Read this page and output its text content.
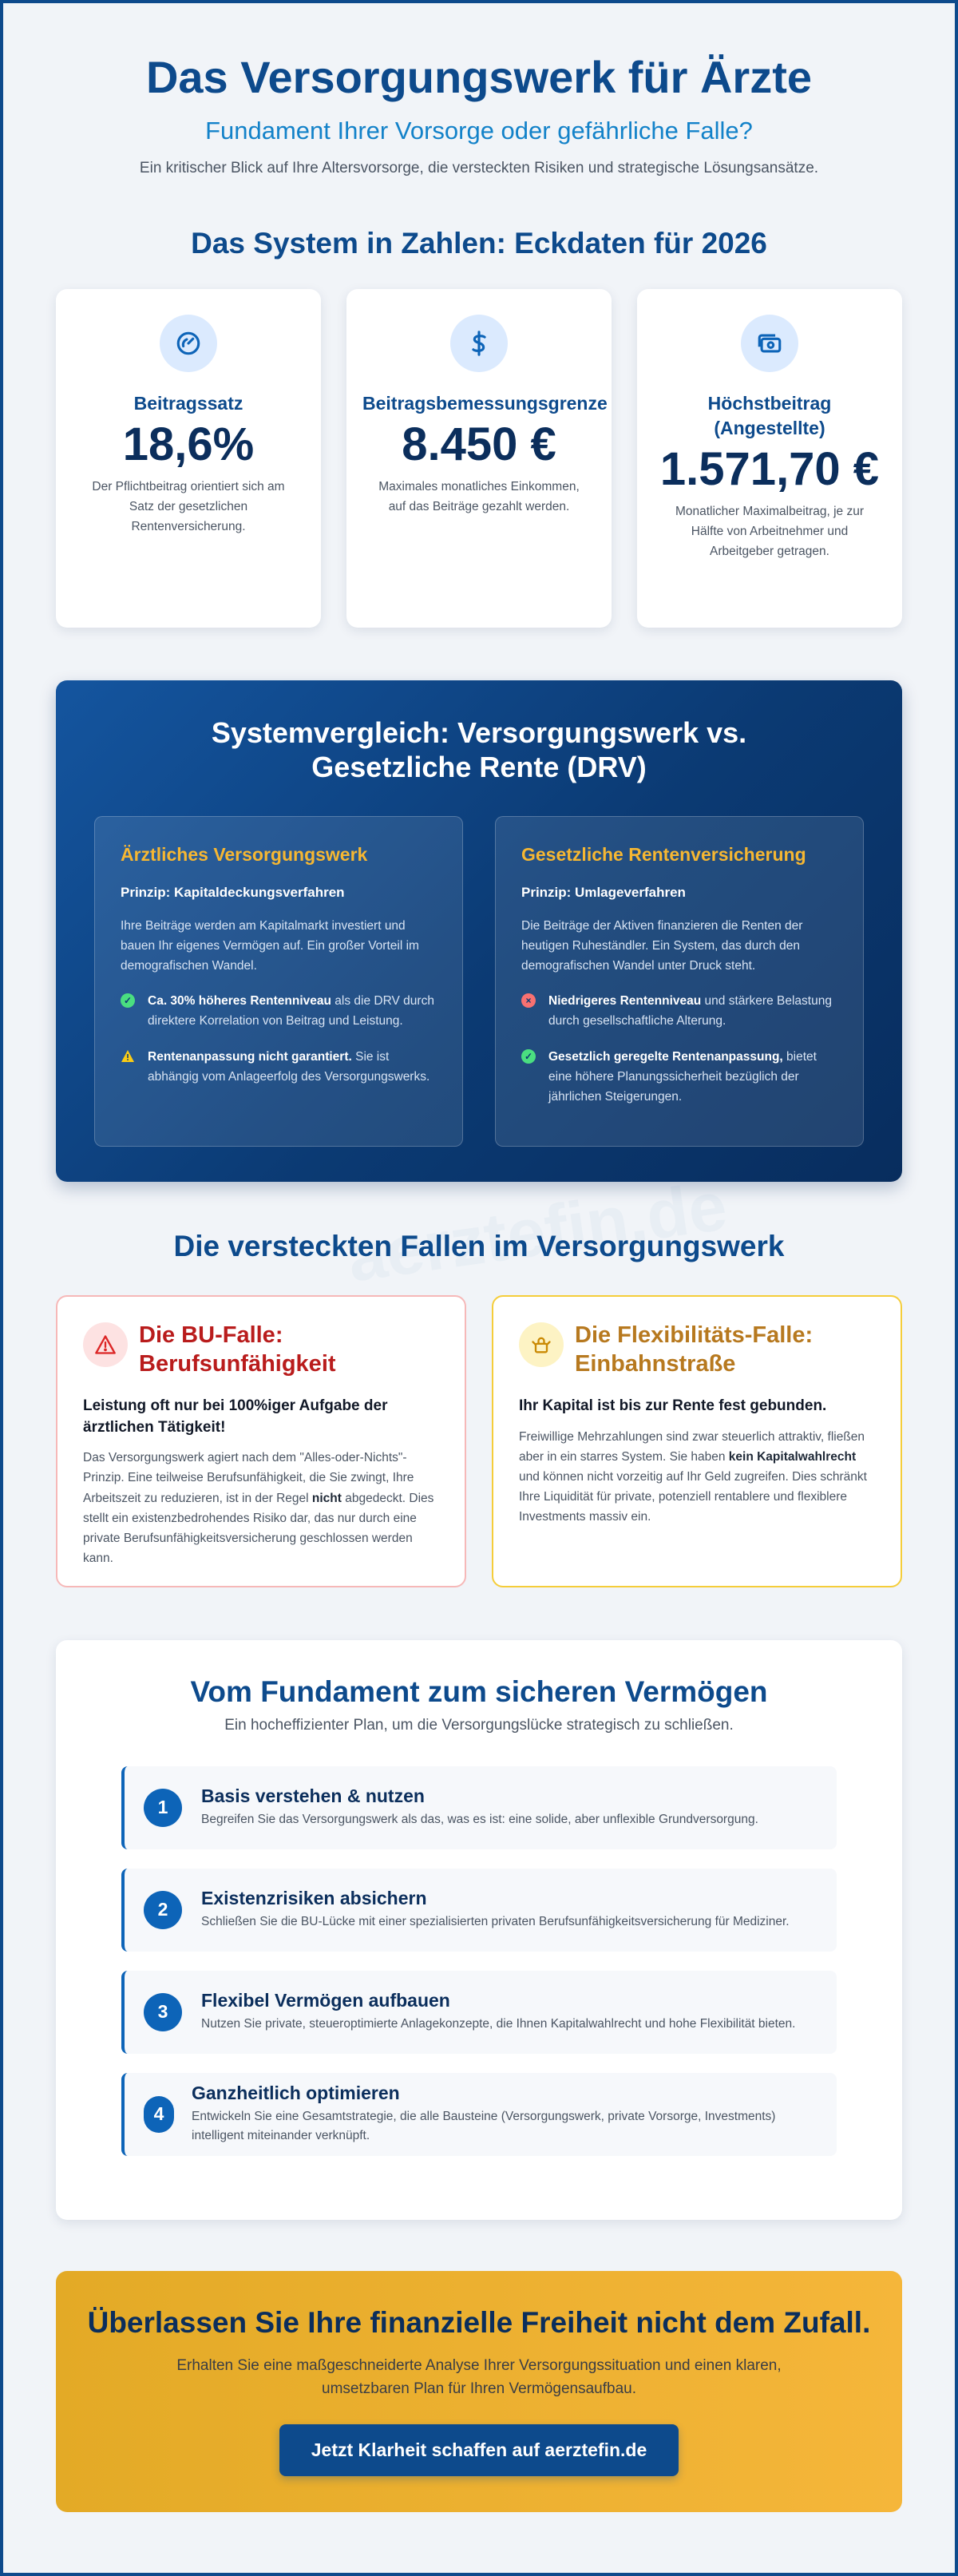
Das Versorgungswerk für Ärzte
Fundament Ihrer Vorsorge oder gefährliche Falle?

Ein kritischer Blick auf Ihre Altersvorsorge, die versteckten Risiken und strategische Lösungsansätze.

Das System in Zahlen: Eckdaten für 2026
Beitragssatz
18,6%
Der Pflichtbeitrag orientiert sich am Satz der gesetzlichen Rentenversicherung.
Beitragsbemessungsgrenze
8.450 €
Maximales monatliches Einkommen, auf das Beiträge gezahlt werden.
Höchstbeitrag (Angestellte)
1.571,70 €
Monatlicher Maximalbeitrag, je zur Hälfte von Arbeitnehmer und Arbeitgeber getragen.
Systemvergleich: Versorgungswerk vs. Gesetzliche Rente (DRV)
Ärztliches Versorgungswerk
Prinzip: Kapitaldeckungsverfahren
Ihre Beiträge werden am Kapitalmarkt investiert und bauen Ihr eigenes Vermögen auf. Ein großer Vorteil im demografischen Wandel.
✓ Ca. 30% höheres Rentenniveau als die DRV durch direktere Korrelation von Beitrag und Leistung.
Rentenanpassung nicht garantiert. Sie ist abhängig vom Anlageerfolg des Versorgungswerks.
Gesetzliche Rentenversicherung
Prinzip: Umlageverfahren
Die Beiträge der Aktiven finanzieren die Renten der heutigen Ruheständler. Ein System, das durch den demografischen Wandel unter Druck steht.
×	Niedrigeres Rentenniveau und stärkere Belastung durch gesellschaftliche Alterung.
✓ Gesetzlich geregelte Rentenanpassung, bietet eine höhere Planungssicherheit bezüglich der jährlichen Steigerungen.
Die versteckten Fallen im Versorgungswerk
Die BU-Falle: Berufsunfähigkeit
Leistung oft nur bei 100%iger Aufgabe der ärztlichen Tätigkeit!
Das Versorgungswerk agiert nach dem "Alles-oder-Nichts"-Prinzip. Eine teilweise Berufsunfähigkeit, die Sie zwingt, Ihre Arbeitszeit zu reduzieren, ist in der Regel nicht abgedeckt. Dies stellt ein existenzbedrohendes Risiko dar, das nur durch eine private Berufsunfähigkeitsversicherung geschlossen werden kann.
Die Flexibilitäts-Falle: Einbahnstraße
Ihr Kapital ist bis zur Rente fest gebunden.
Freiwillige Mehrzahlungen sind zwar steuerlich attraktiv, fließen aber in ein starres System. Sie haben kein Kapitalwahlrecht und können nicht vorzeitig auf Ihr Geld zugreifen. Dies schränkt Ihre Liquidität für private, potenziell rentablere und flexiblere Investments massiv ein.
Vom Fundament zum sicheren Vermögen
Ein hocheffizienter Plan, um die Versorgungslücke strategisch zu schließen.
1
Basis verstehen & nutzen
Begreifen Sie das Versorgungswerk als das, was es ist: eine solide, aber unflexible Grundversorgung.
2
Existenzrisiken absichern
Schließen Sie die BU-Lücke mit einer spezialisierten privaten Berufsunfähigkeitsversicherung für Mediziner.
3
Flexibel Vermögen aufbauen
Nutzen Sie private, steueroptimierte Anlagekonzepte, die Ihnen Kapitalwahlrecht und hohe Flexibilität bieten.
4
Ganzheitlich optimieren
Entwickeln Sie eine Gesamtstrategie, die alle Bausteine (Versorgungswerk, private Vorsorge, Investments) intelligent miteinander verknüpft.
Überlassen Sie Ihre finanzielle Freiheit nicht dem Zufall.

Erhalten Sie eine maßgeschneiderte Analyse Ihrer Versorgungssituation und einen klaren, umsetzbaren Plan für Ihren Vermögensaufbau.

Jetzt Klarheit schaffen auf aerztefin.de
